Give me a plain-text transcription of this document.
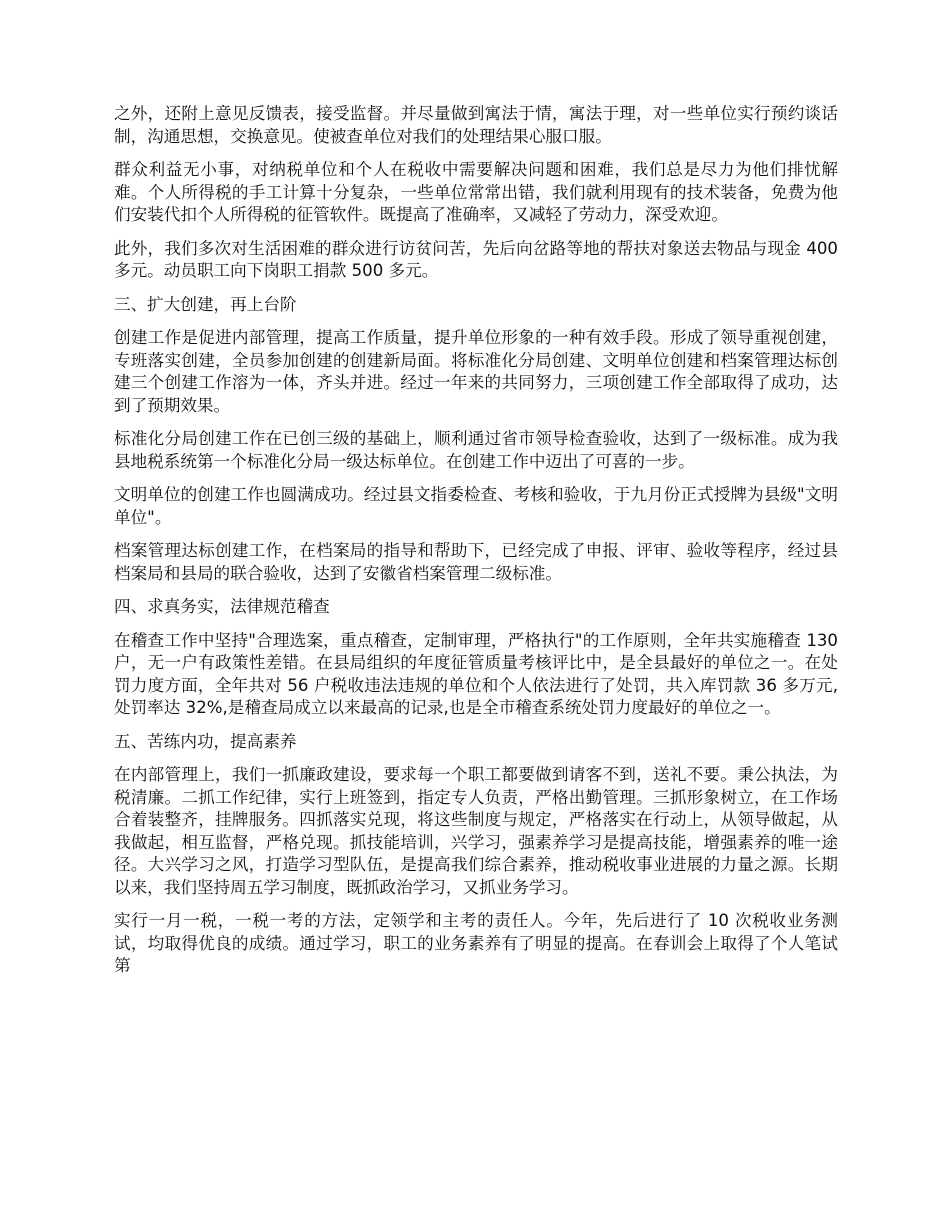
之外，还附上意见反馈表，接受监督。并尽量做到寓法于情，寓法于理，对一些单位实行预约谈话制，沟通思想，交换意见。使被查单位对我们的处理结果心服口服。

群众利益无小事，对纳税单位和个人在税收中需要解决问题和困难，我们总是尽力为他们排忧解难。个人所得税的手工计算十分复杂，一些单位常常出错，我们就利用现有的技术装备，免费为他们安装代扣个人所得税的征管软件。既提高了准确率，又减轻了劳动力，深受欢迎。

此外，我们多次对生活困难的群众进行访贫问苦，先后向岔路等地的帮扶对象送去物品与现金 400 多元。动员职工向下岗职工捐款 500 多元。

三、扩大创建，再上台阶

创建工作是促进内部管理，提高工作质量，提升单位形象的一种有效手段。形成了领导重视创建，专班落实创建，全员参加创建的创建新局面。将标准化分局创建、文明单位创建和档案管理达标创建三个创建工作溶为一体，齐头并进。经过一年来的共同努力，三项创建工作全部取得了成功，达到了预期效果。

标准化分局创建工作在已创三级的基础上，顺利通过省市领导检查验收，达到了一级标准。成为我县地税系统第一个标准化分局一级达标单位。在创建工作中迈出了可喜的一步。

文明单位的创建工作也圆满成功。经过县文指委检查、考核和验收，于九月份正式授牌为县级"文明单位"。

档案管理达标创建工作，在档案局的指导和帮助下，已经完成了申报、评审、验收等程序，经过县档案局和县局的联合验收，达到了安徽省档案管理二级标准。

四、求真务实，法律规范稽查

在稽查工作中坚持"合理选案，重点稽查，定制审理，严格执行"的工作原则，全年共实施稽查 130 户，无一户有政策性差错。在县局组织的年度征管质量考核评比中，是全县最好的单位之一。在处罚力度方面，全年共对 56 户税收违法违规的单位和个人依法进行了处罚，共入库罚款 36 多万元,处罚率达 32%,是稽查局成立以来最高的记录,也是全市稽查系统处罚力度最好的单位之一。

五、苦练内功，提高素养

在内部管理上，我们一抓廉政建设，要求每一个职工都要做到请客不到，送礼不要。秉公执法，为税清廉。二抓工作纪律，实行上班签到，指定专人负责，严格出勤管理。三抓形象树立，在工作场合着装整齐，挂牌服务。四抓落实兑现，将这些制度与规定，严格落实在行动上，从领导做起，从我做起，相互监督，严格兑现。抓技能培训，兴学习，强素养学习是提高技能，增强素养的唯一途径。大兴学习之风，打造学习型队伍，是提高我们综合素养，推动税收事业进展的力量之源。长期以来，我们坚持周五学习制度，既抓政治学习，又抓业务学习。

实行一月一税，一税一考的方法，定领学和主考的责任人。今年，先后进行了 10 次税收业务测试，均取得优良的成绩。通过学习，职工的业务素养有了明显的提高。在春训会上取得了个人笔试第
